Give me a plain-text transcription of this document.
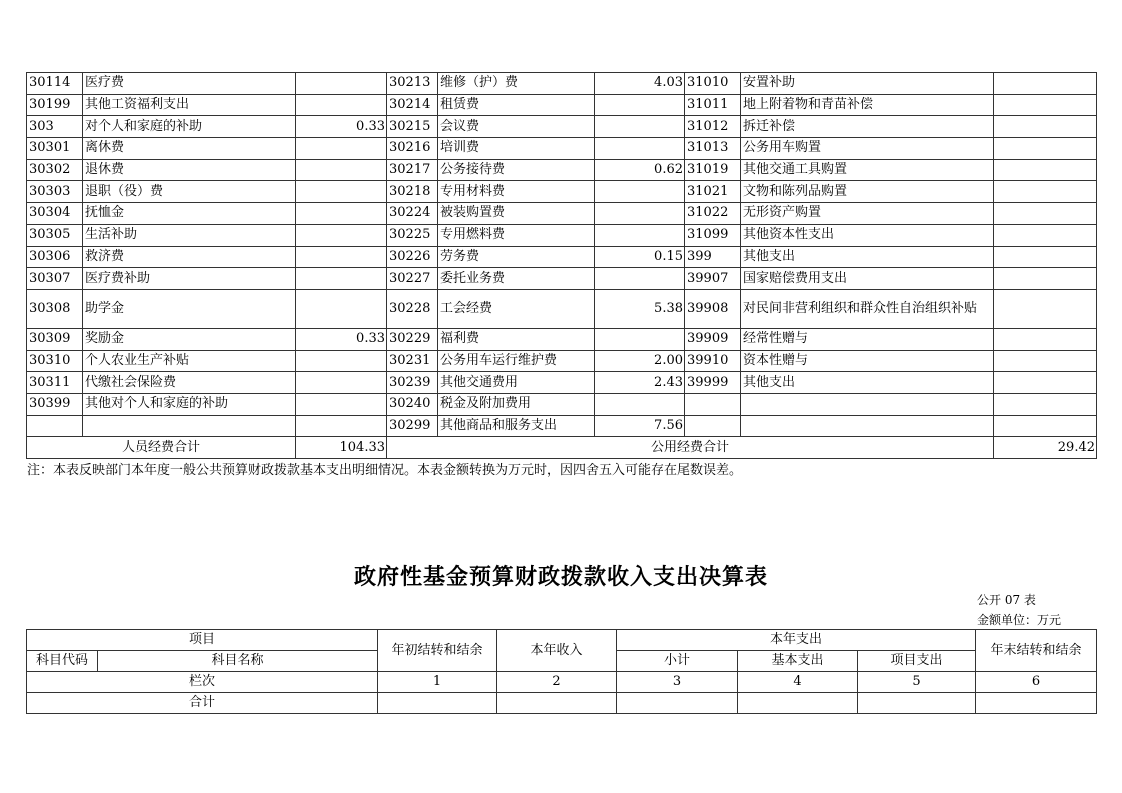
30114	医疗费		30213	维修（护）费	4.03	31010	安置补助	
30199	其他工资福利支出		30214	租赁费		31011	地上附着物和青苗补偿	
303	对个人和家庭的补助	0.33	30215	会议费		31012	拆迁补偿	
30301	离休费		30216	培训费		31013	公务用车购置	
30302	退休费		30217	公务接待费	0.62	31019	其他交通工具购置	
30303	退职（役）费		30218	专用材料费		31021	文物和陈列品购置	
30304	抚恤金		30224	被装购置费		31022	无形资产购置	
30305	生活补助		30225	专用燃料费		31099	其他资本性支出	
30306	救济费		30226	劳务费	0.15	399	其他支出	
30307	医疗费补助		30227	委托业务费		39907	国家赔偿费用支出	
30308	助学金		30228	工会经费	5.38	39908	对民间非营利组织和群众性自治组织补贴	
30309	奖励金	0.33	30229	福利费		39909	经常性赠与	
30310	个人农业生产补贴		30231	公务用车运行维护费	2.00	39910	资本性赠与	
30311	代缴社会保险费		30239	其他交通费用	2.43	39999	其他支出	
30399	其他对个人和家庭的补助		30240	税金及附加费用				
			30299	其他商品和服务支出	7.56			
人员经费合计		104.33	公用经费合计					29.42
注：本表反映部门本年度一般公共预算财政拨款基本支出明细情况。本表金额转换为万元时，因四舍五入可能存在尾数误差。
政府性基金预算财政拨款收入支出决算表
公开 07 表
金额单位：万元
项目		年初结转和结余	本年收入	本年支出			年末结转和结余
科目代码	科目名称			小计	基本支出	项目支出	
栏次		1	2	3	4	5	6
合计							
